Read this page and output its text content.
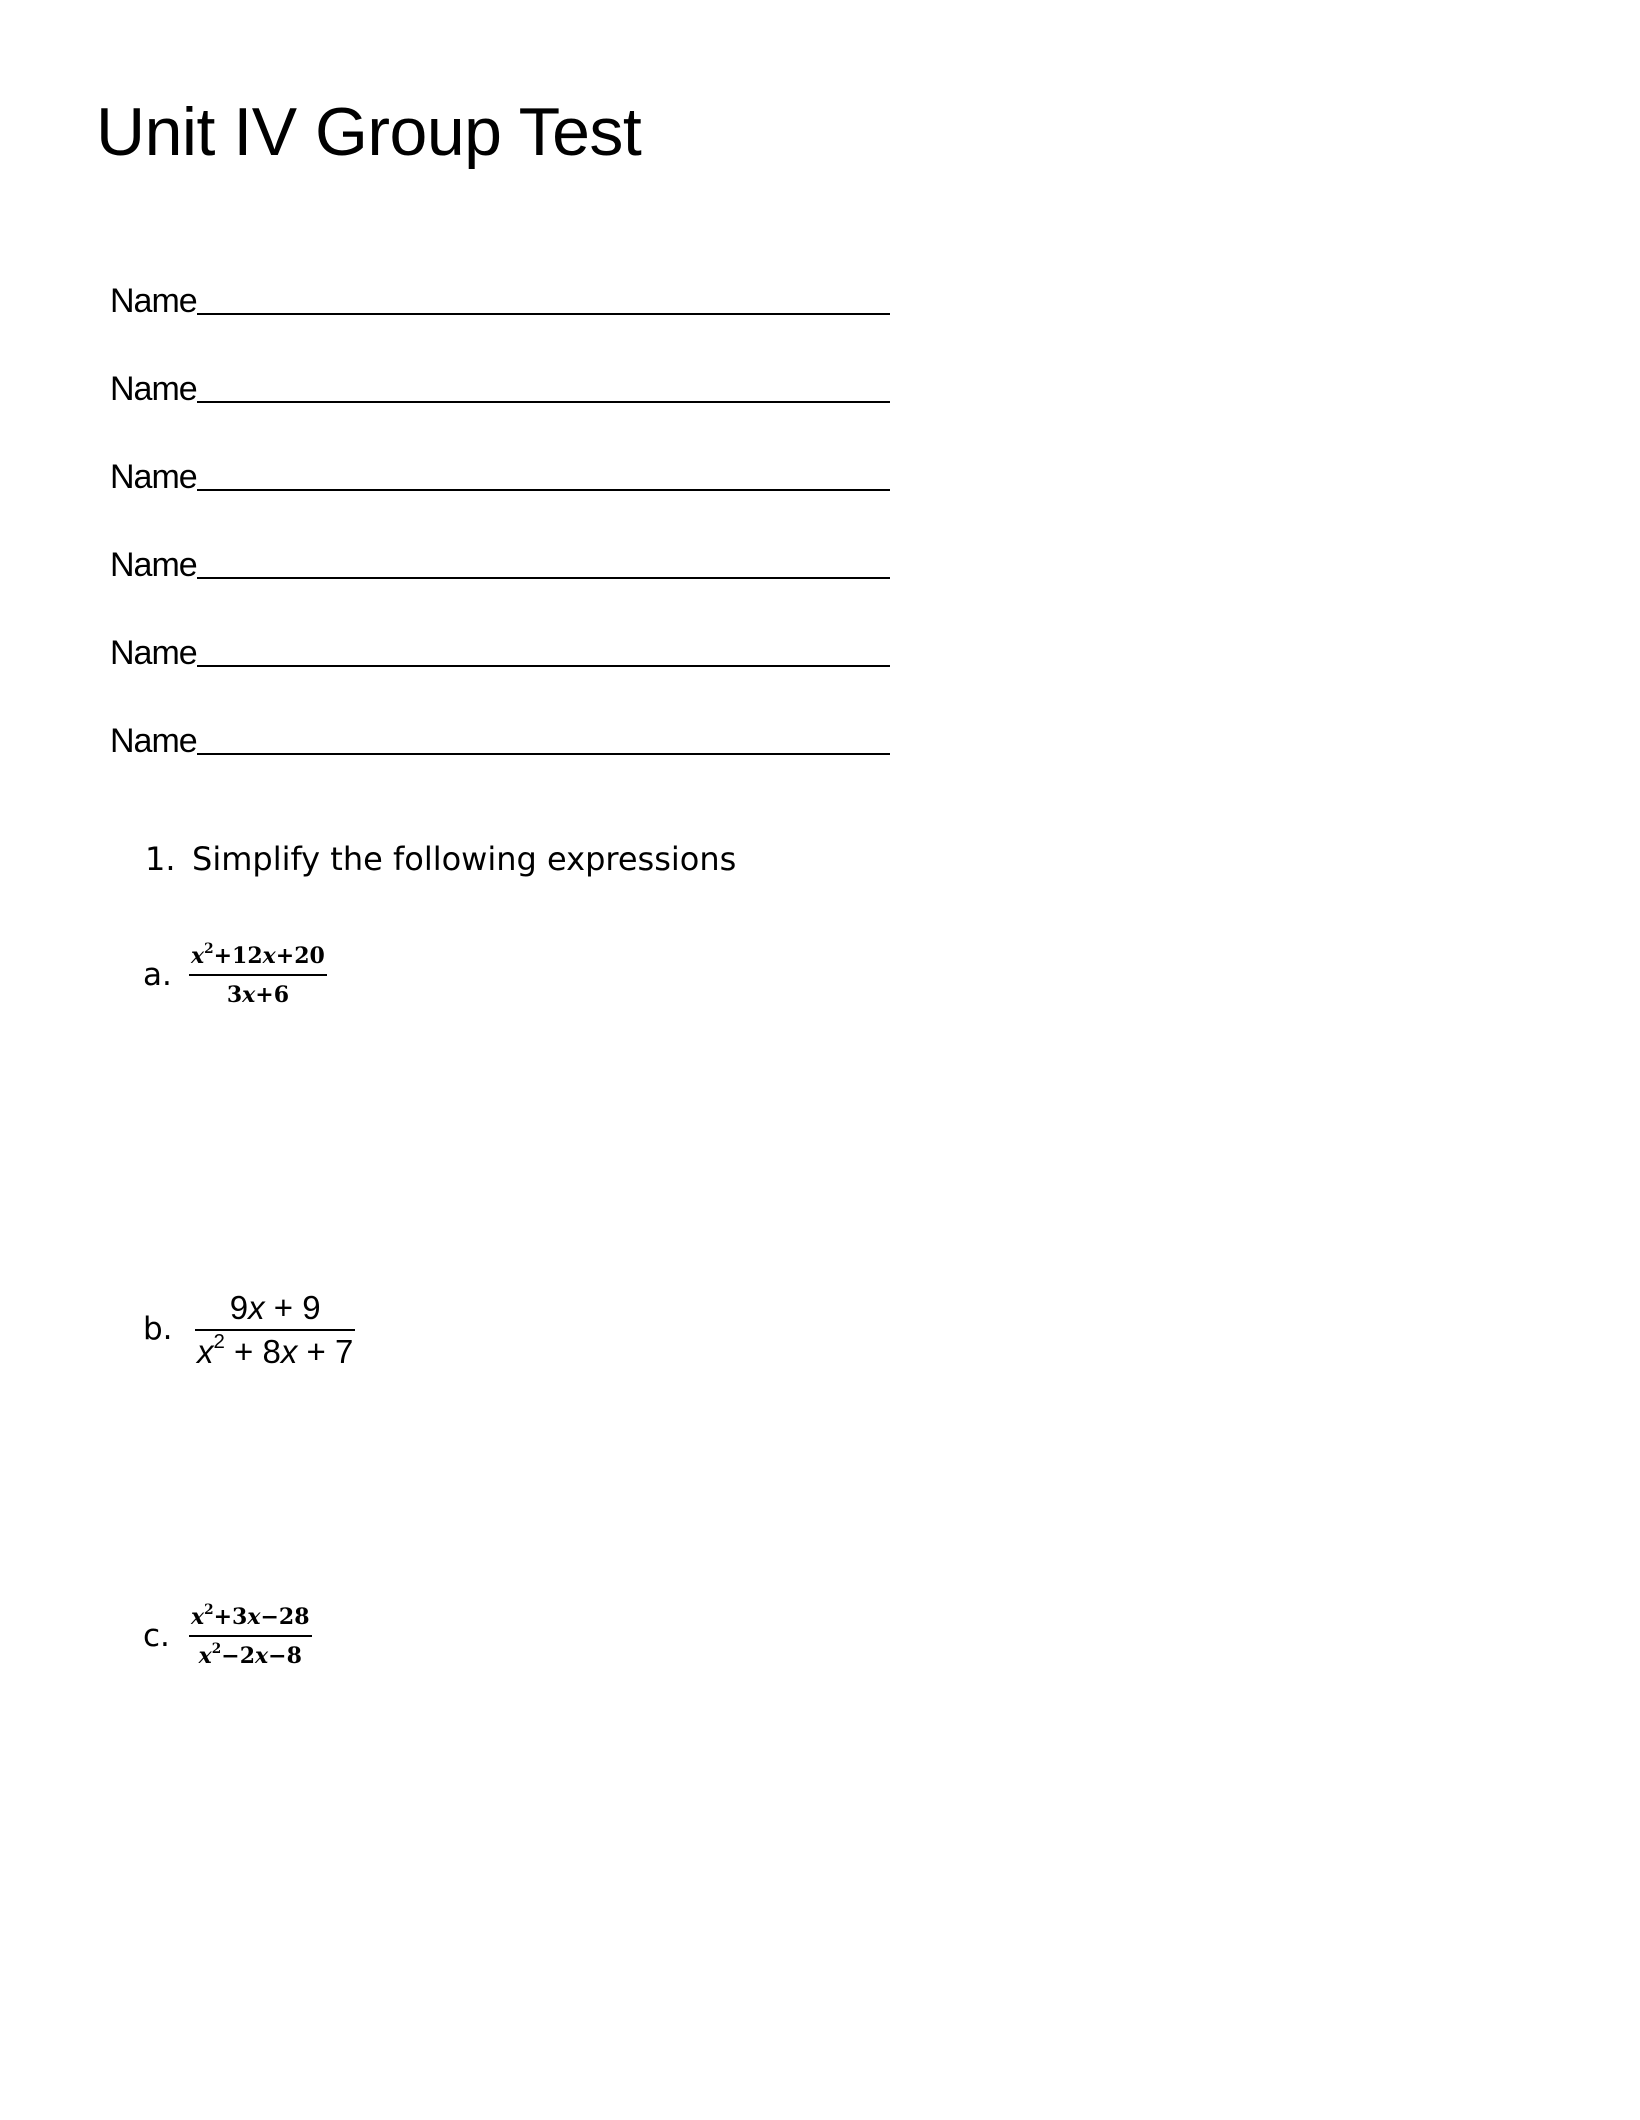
Unit IV Group Test
Name
Name
Name
Name
Name
Name
1. Simplify the following expressions
a. $\frac{x^2+12x+20}{3x+6}$
b. $\frac{9x + 9}{x^2 + 8x + 7}$
c. $\frac{x^2+3x-28}{x^2-2x-8}$
